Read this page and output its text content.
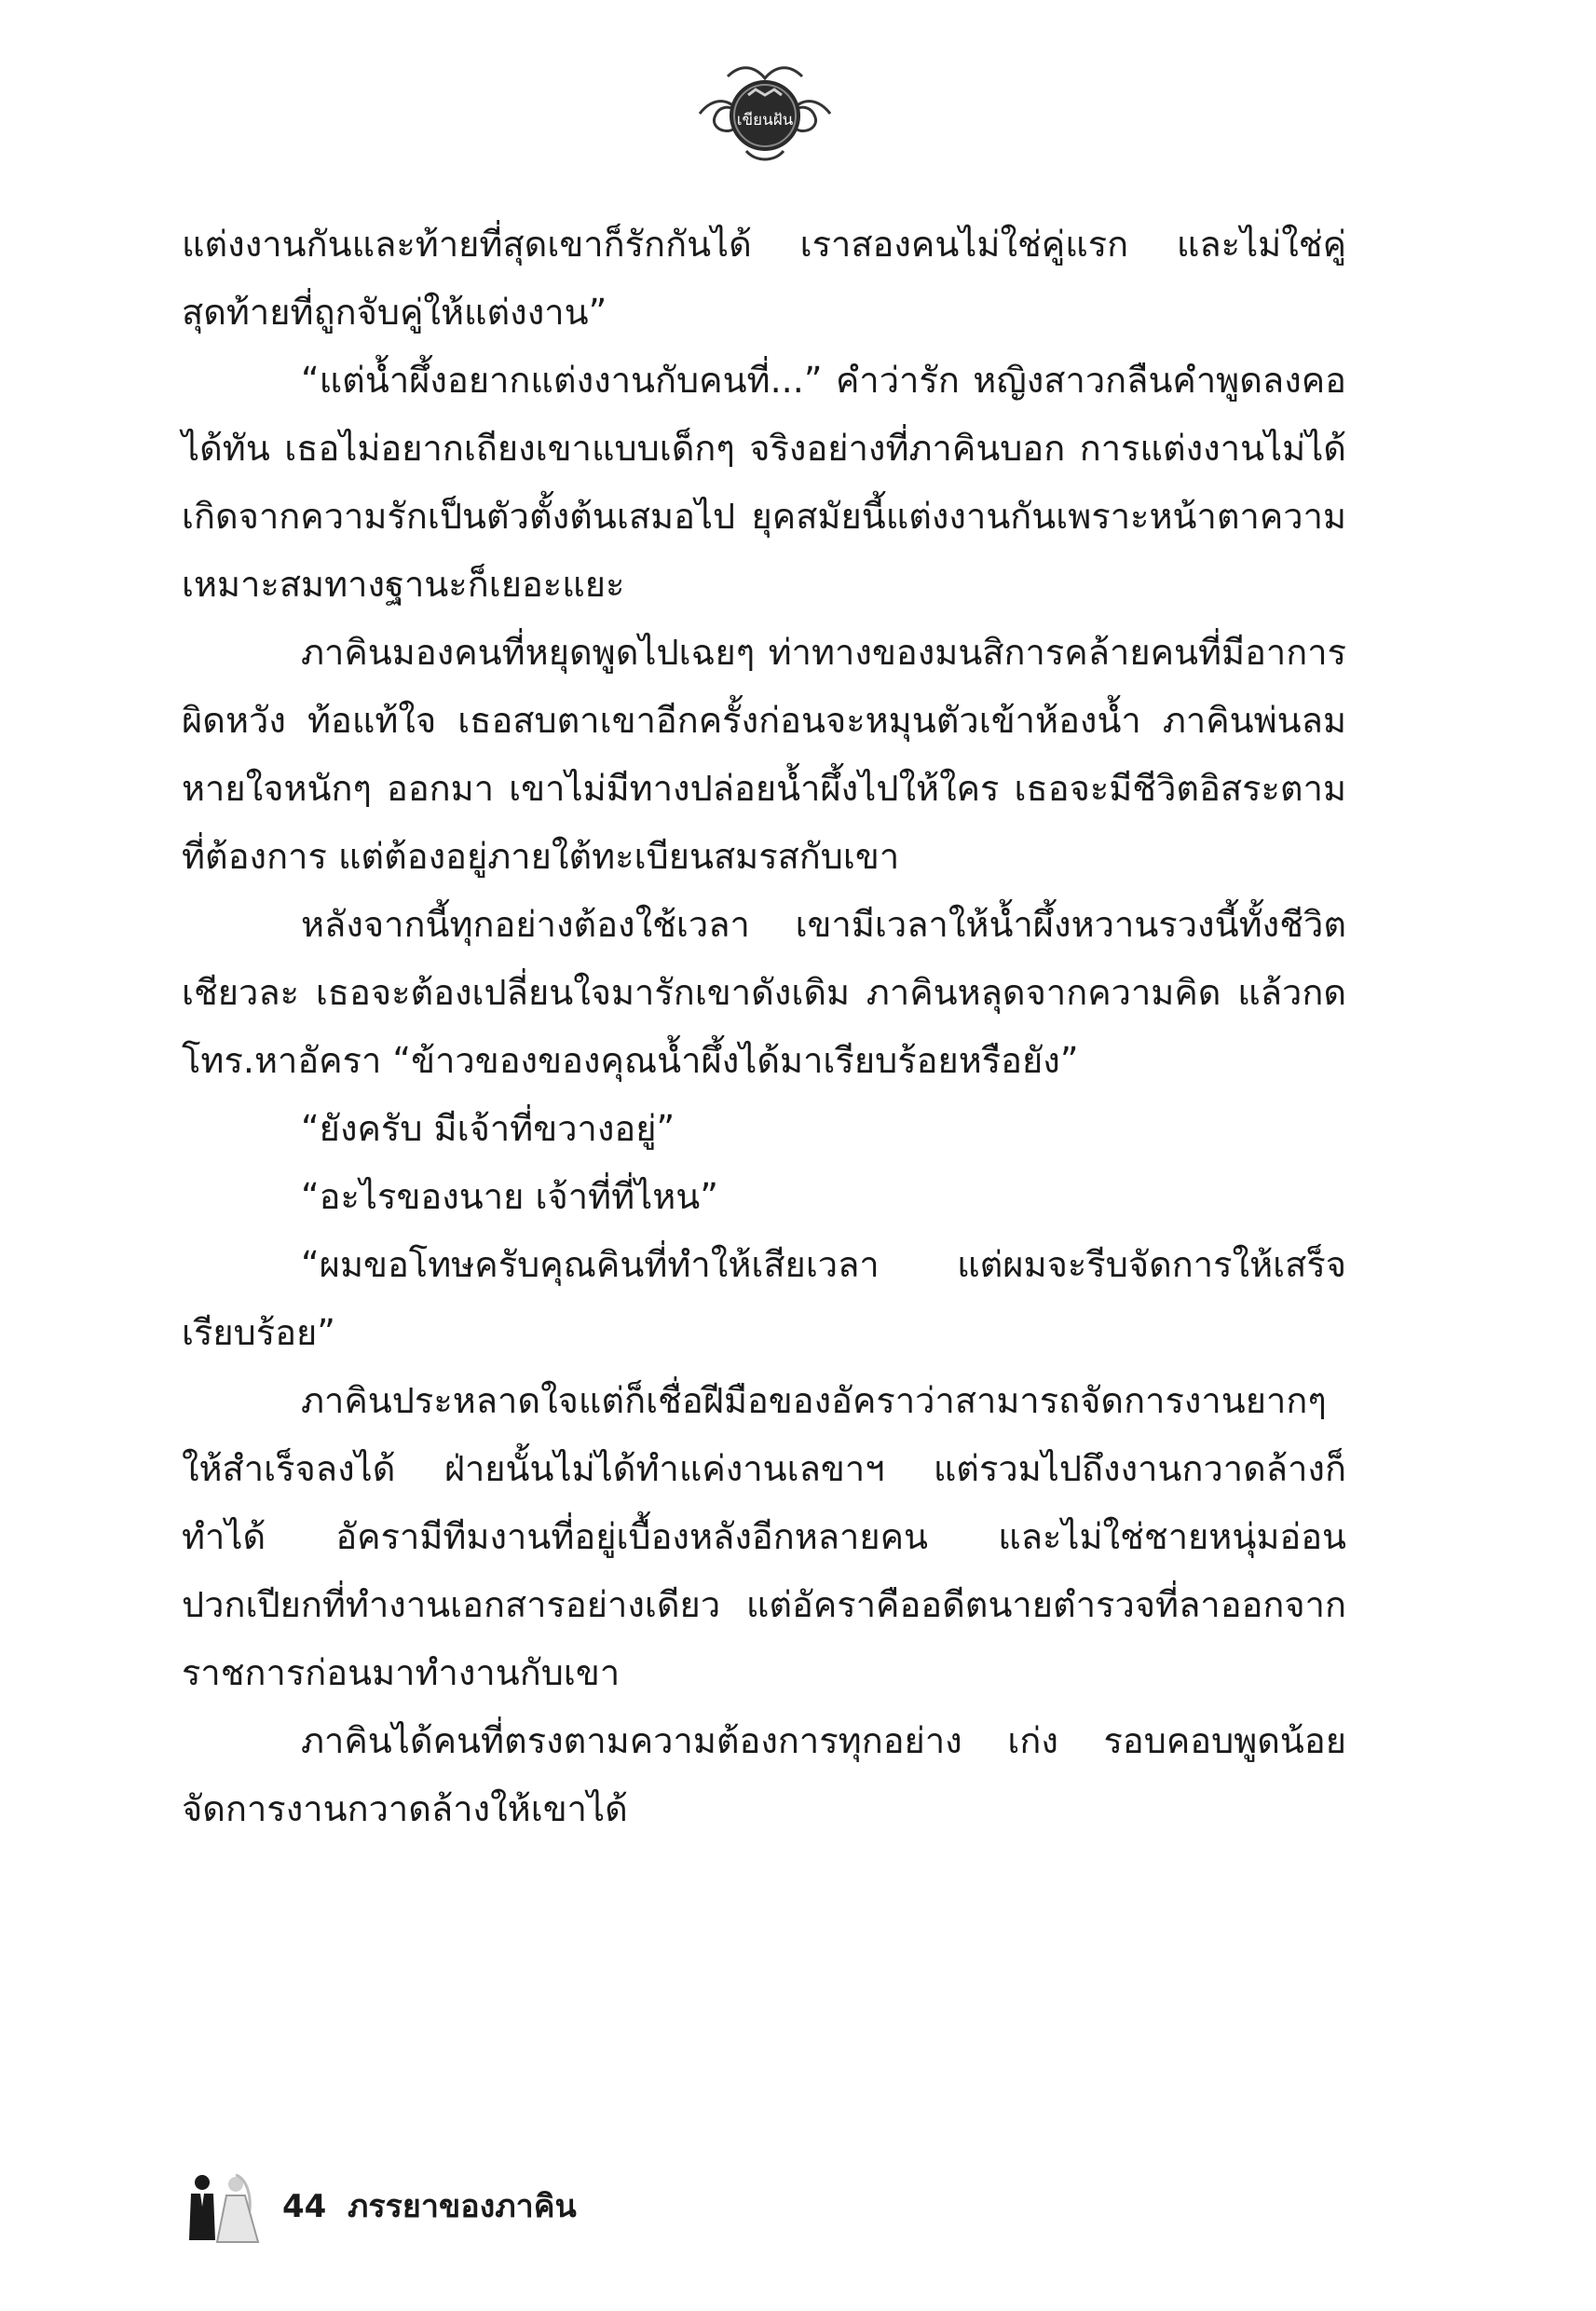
เขียนฝัน

แต่งงานกันและท้ายที่สุดเขาก็รักกันได้ เราสองคนไม่ใช่คู่แรก และไม่ใช่คู่สุดท้ายที่ถูกจับคู่ให้แต่งงาน”

“แต่น้ำผึ้งอยากแต่งงานกับคนที่...” คำว่ารัก หญิงสาวกลืนคำพูดลงคอได้ทัน เธอไม่อยากเถียงเขาแบบเด็กๆ จริงอย่างที่ภาคินบอก การแต่งงานไม่ได้เกิดจากความรักเป็นตัวตั้งต้นเสมอไป ยุคสมัยนี้แต่งงานกันเพราะหน้าตาความเหมาะสมทางฐานะก็เยอะแยะ

ภาคินมองคนที่หยุดพูดไปเฉยๆ ท่าทางของมนสิการคล้ายคนที่มีอาการผิดหวัง ท้อแท้ใจ เธอสบตาเขาอีกครั้งก่อนจะหมุนตัวเข้าห้องน้ำ ภาคินพ่นลมหายใจหนักๆ ออกมา เขาไม่มีทางปล่อยน้ำผึ้งไปให้ใคร เธอจะมีชีวิตอิสระตามที่ต้องการ แต่ต้องอยู่ภายใต้ทะเบียนสมรสกับเขา

หลังจากนี้ทุกอย่างต้องใช้เวลา เขามีเวลาให้น้ำผึ้งหวานรวงนี้ทั้งชีวิตเชียวละ เธอจะต้องเปลี่ยนใจมารักเขาดังเดิม ภาคินหลุดจากความคิด แล้วกดโทร.หาอัครา “ข้าวของของคุณน้ำผึ้งได้มาเรียบร้อยหรือยัง”

“ยังครับ มีเจ้าที่ขวางอยู่”

“อะไรของนาย เจ้าที่ที่ไหน”

“ผมขอโทษครับคุณคินที่ทำให้เสียเวลา แต่ผมจะรีบจัดการให้เสร็จเรียบร้อย”

ภาคินประหลาดใจแต่ก็เชื่อฝีมือของอัคราว่าสามารถจัดการงานยากๆ ให้สำเร็จลงได้ ฝ่ายนั้นไม่ได้ทำแค่งานเลขาฯ แต่รวมไปถึงงานกวาดล้างก็ทำได้ อัครามีทีมงานที่อยู่เบื้องหลังอีกหลายคน และไม่ใช่ชายหนุ่มอ่อนปวกเปียกที่ทำงานเอกสารอย่างเดียว แต่อัคราคืออดีตนายตำรวจที่ลาออกจากราชการก่อนมาทำงานกับเขา

ภาคินได้คนที่ตรงตามความต้องการทุกอย่าง เก่ง รอบคอบพูดน้อย จัดการงานกวาดล้างให้เขาได้

44 ภรรยาของภาคิน
